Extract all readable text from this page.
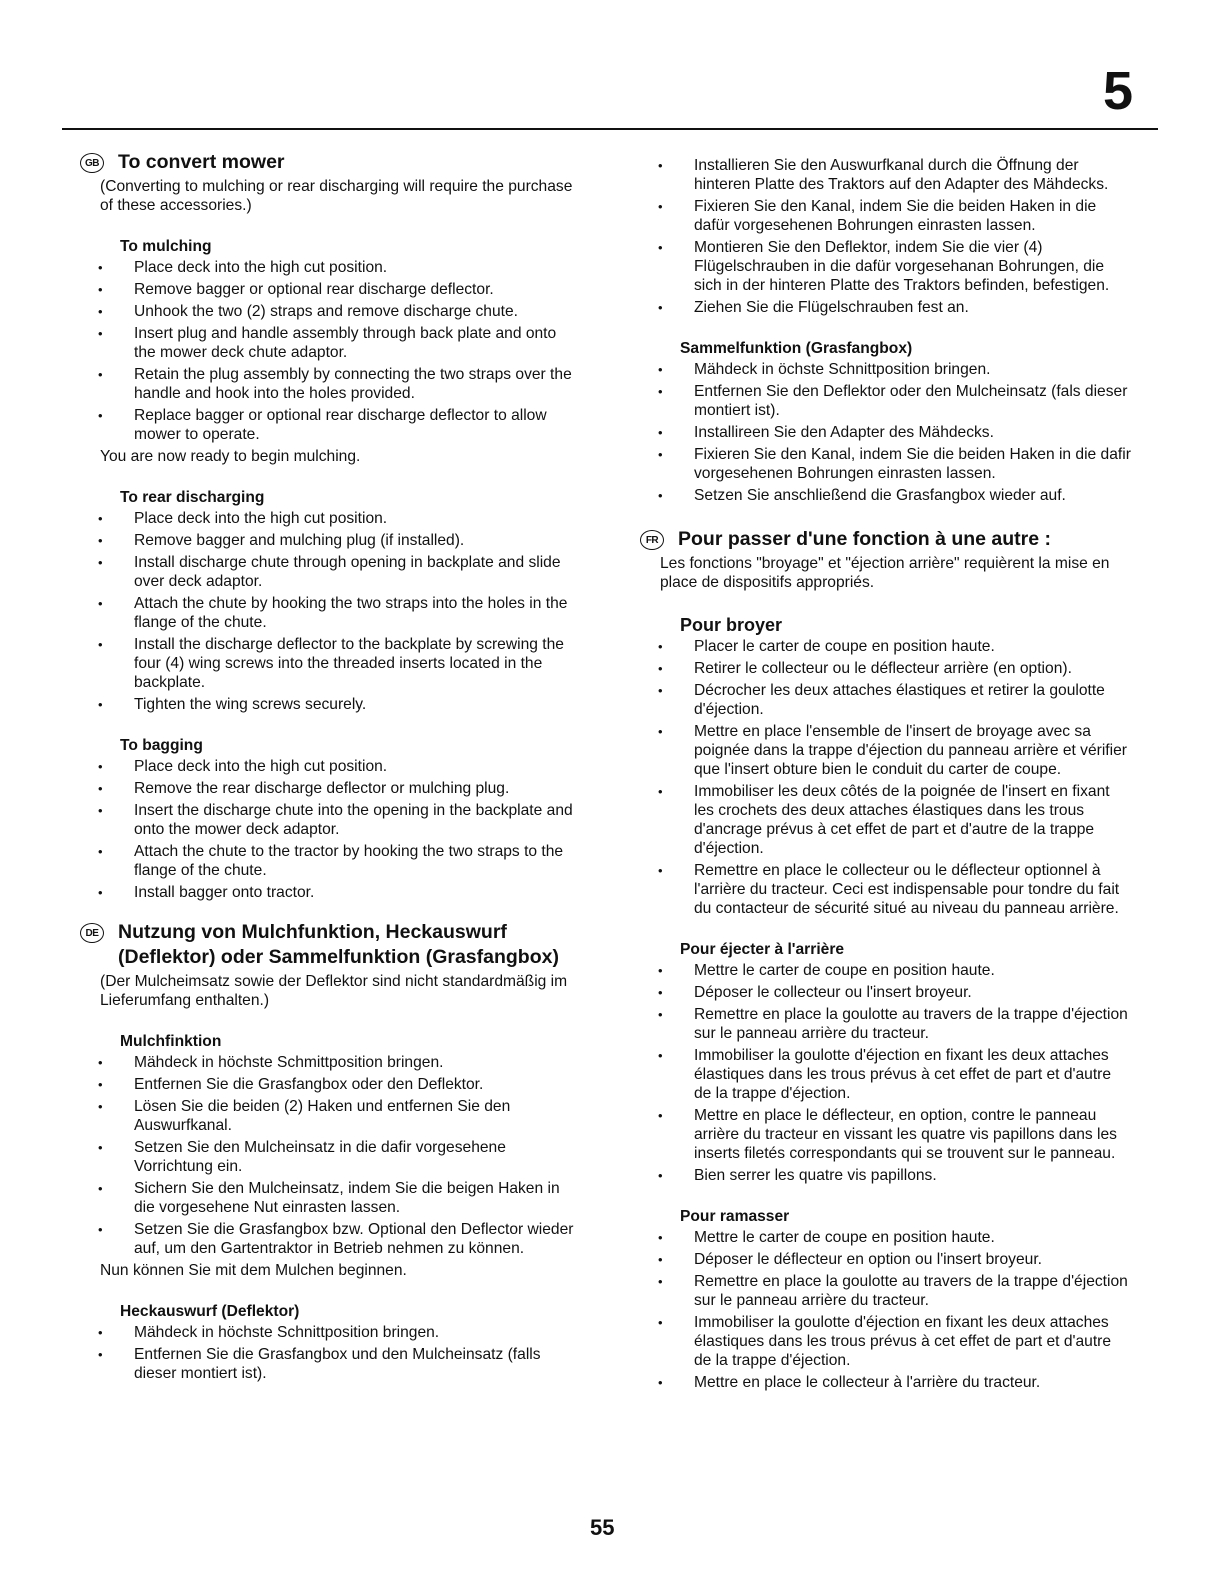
5
GB To convert mower
(Converting to mulching or rear discharging will require the purchase of these accessories.)
To mulching
• Place deck into the high cut position.
• Remove bagger or optional rear discharge deflector.
• Unhook the two (2) straps and remove discharge chute.
• Insert plug and handle assembly through back plate and onto the mower deck chute adaptor.
• Retain the plug assembly by connecting the two straps over the handle and hook into the holes provided.
• Replace bagger or optional rear discharge deflector to allow mower to operate.
You are now ready to begin mulching.
To rear discharging
• Place deck into the high cut position.
• Remove bagger and mulching plug (if installed).
• Install discharge chute through opening in backplate and slide over deck adaptor.
• Attach the chute by hooking the two straps into the holes in the flange of the chute.
• Install the discharge deflector to the backplate by screwing the four (4) wing screws into the threaded inserts located in the backplate.
• Tighten the wing screws securely.
To bagging
• Place deck into the high cut position.
• Remove the rear discharge deflector or mulching plug.
• Insert the discharge chute into the opening in the backplate and onto the mower deck adaptor.
• Attach the chute to the tractor by hooking the two straps to the flange of the chute.
• Install bagger onto tractor.
DE Nutzung von Mulchfunktion, Heckauswurf (Deflektor) oder Sammelfunktion (Grasfangbox)
(Der Mulcheimsatz sowie der Deflektor sind nicht standardmäßig im Lieferumfang enthalten.)
Mulchfinktion
• Mähdeck in höchste Schmittposition bringen.
• Entfernen Sie die Grasfangbox oder den Deflektor.
• Lösen Sie die beiden (2) Haken und entfernen Sie den Auswurfkanal.
• Setzen Sie den Mulcheinsatz in die dafir vorgesehene Vorrichtung ein.
• Sichern Sie den Mulcheinsatz, indem Sie die beigen Haken in die vorgesehene Nut einrasten lassen.
• Setzen Sie die Grasfangbox bzw. Optional den Deflector wieder auf, um den Gartentraktor in Betrieb nehmen zu können.
Nun können Sie mit dem Mulchen beginnen.
Heckauswurf (Deflektor)
• Mähdeck in höchste Schnittposition bringen.
• Entfernen Sie die Grasfangbox und den Mulcheinsatz (falls dieser montiert ist).
• Installieren Sie den Auswurfkanal durch die Öffnung der hinteren Platte des Traktors auf den Adapter des Mähdecks.
• Fixieren Sie den Kanal, indem Sie die beiden Haken in die dafür vorgesehenen Bohrungen einrasten lassen.
• Montieren Sie den Deflektor, indem Sie die vier (4) Flügelschrauben in die dafür vorgesehanan Bohrungen, die sich in der hinteren Platte des Traktors befinden, befestigen.
• Ziehen Sie die Flügelschrauben fest an.
Sammelfunktion (Grasfangbox)
• Mähdeck in öchste Schnittposition bringen.
• Entfernen Sie den Deflektor oder den Mulcheinsatz (fals dieser montiert ist).
• Installireen Sie den Adapter des Mähdecks.
• Fixieren Sie den Kanal, indem Sie die beiden Haken in die dafir vorgesehenen Bohrungen einrasten lassen.
• Setzen Sie anschließend die Grasfangbox wieder auf.
FR Pour passer d'une fonction à une autre :
Les fonctions "broyage" et "éjection arrière" requièrent la mise en place de dispositifs appropriés.
Pour broyer
• Placer le carter de coupe en position haute.
• Retirer le collecteur ou le déflecteur arrière (en option).
• Décrocher les deux attaches élastiques et retirer la goulotte d'éjection.
• Mettre en place l'ensemble de l'insert de broyage avec sa poignée dans la trappe d'éjection du panneau arrière et vérifier que l'insert obture bien le conduit du carter de coupe.
• Immobiliser les deux côtés de la poignée de l'insert en fixant les crochets des deux attaches élastiques dans les trous d'ancrage prévus à cet effet de part et d'autre de la trappe d'éjection.
• Remettre en place le collecteur ou le déflecteur optionnel à l'arrière du tracteur. Ceci est indispensable pour tondre du fait du contacteur de sécurité situé au niveau du panneau arrière.
Pour éjecter à l'arrière
• Mettre le carter de coupe en position haute.
• Déposer le collecteur ou l'insert broyeur.
• Remettre en place la goulotte au travers de la trappe d'éjection sur le panneau arrière du tracteur.
• Immobiliser la goulotte d'éjection en fixant les deux attaches élastiques dans les trous prévus à cet effet de part et d'autre de la trappe d'éjection.
• Mettre en place le déflecteur, en option, contre le panneau arrière du tracteur en vissant les quatre vis papillons dans les inserts filetés correspondants qui se trouvent sur le panneau.
• Bien serrer les quatre vis papillons.
Pour ramasser
• Mettre le carter de coupe en position haute.
• Déposer le déflecteur en option ou l'insert broyeur.
• Remettre en place la goulotte au travers de la trappe d'éjection sur le panneau arrière du tracteur.
• Immobiliser la goulotte d'éjection en fixant les deux attaches élastiques dans les trous prévus à cet effet de part et d'autre de la trappe d'éjection.
• Mettre en place le collecteur à l'arrière du tracteur.
55
